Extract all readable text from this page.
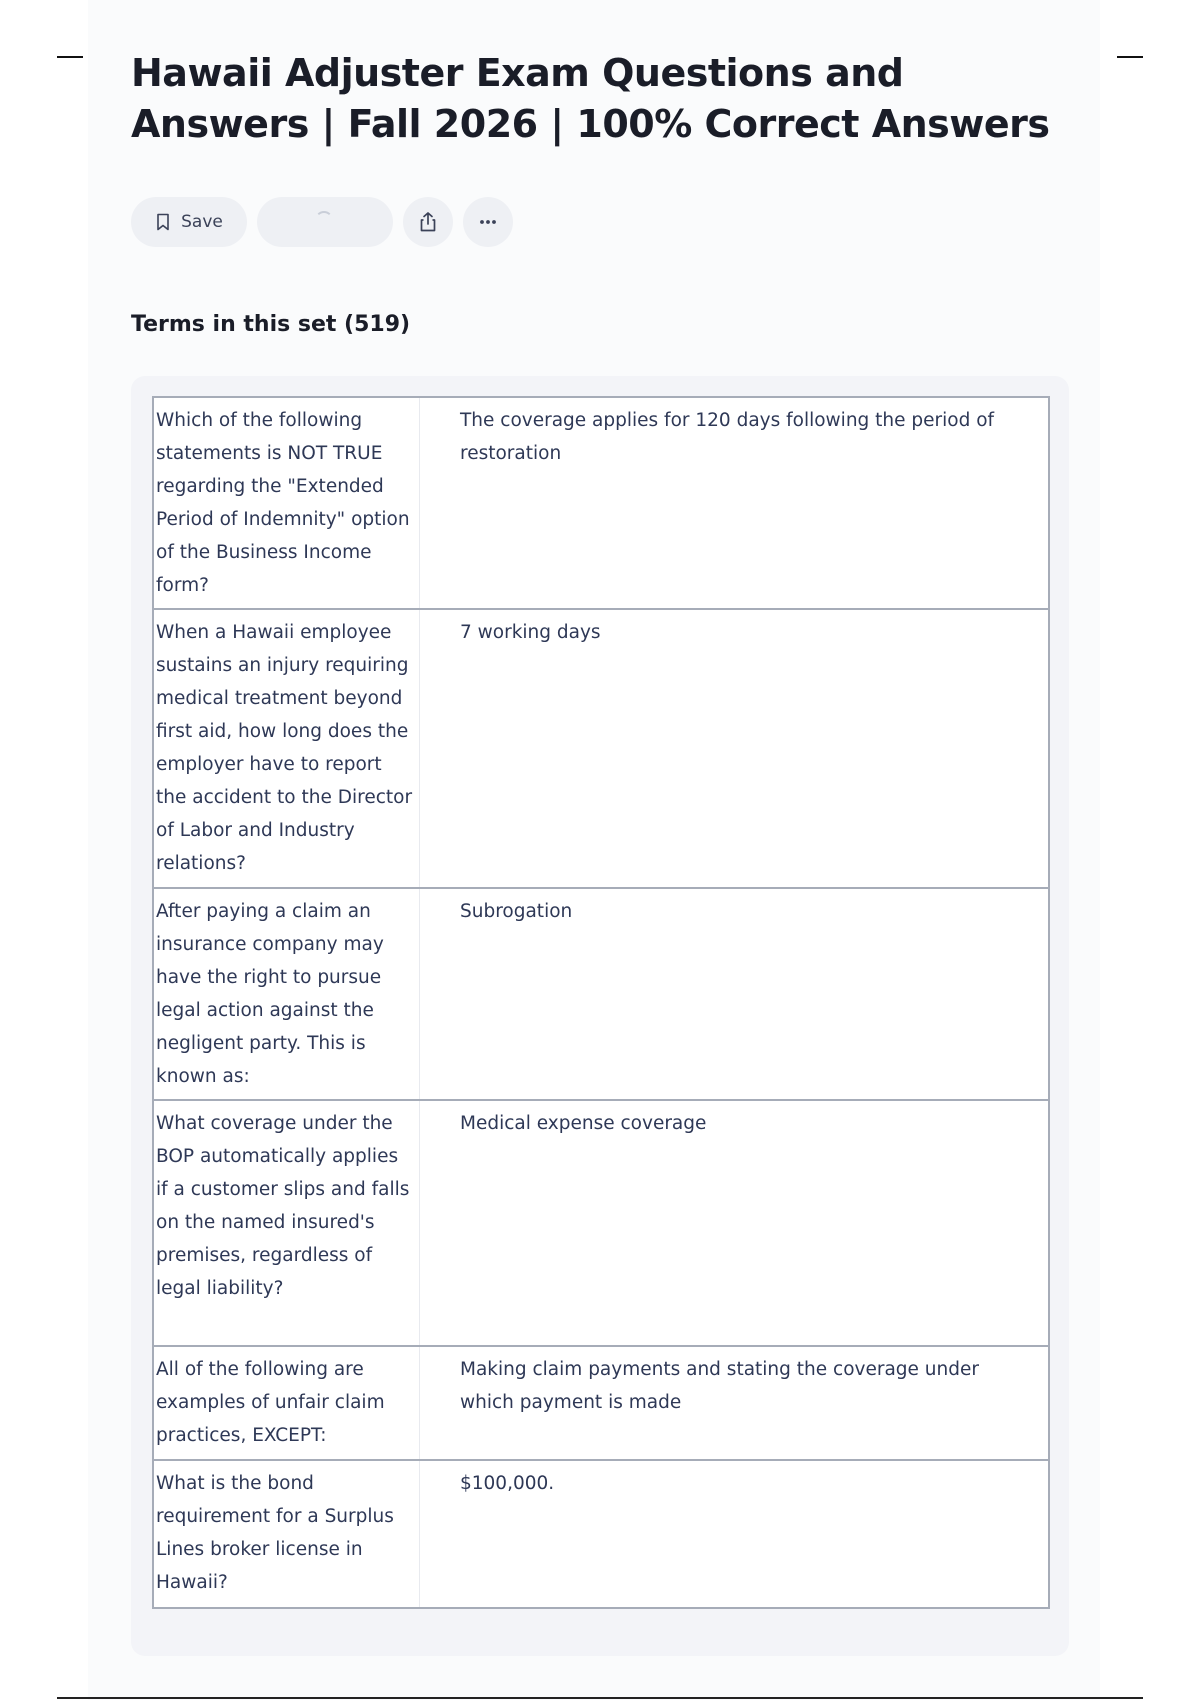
Hawaii Adjuster Exam Questions and Answers | Fall 2026 | 100% Correct Answers
Save
Terms in this set (519)
Which of the following statements is NOT TRUE regarding the "Extended Period of Indemnity" option of the Business Income form?
The coverage applies for 120 days following the period of restoration
When a Hawaii employee sustains an injury requiring medical treatment beyond first aid, how long does the employer have to report the accident to the Director of Labor and Industry relations?
7 working days
After paying a claim an insurance company may have the right to pursue legal action against the negligent party. This is known as:
Subrogation
What coverage under the BOP automatically applies if a customer slips and falls on the named insured's premises, regardless of legal liability?
Medical expense coverage
All of the following are examples of unfair claim practices, EXCEPT:
Making claim payments and stating the coverage under which payment is made
What is the bond requirement for a Surplus Lines broker license in Hawaii?
$100,000.
